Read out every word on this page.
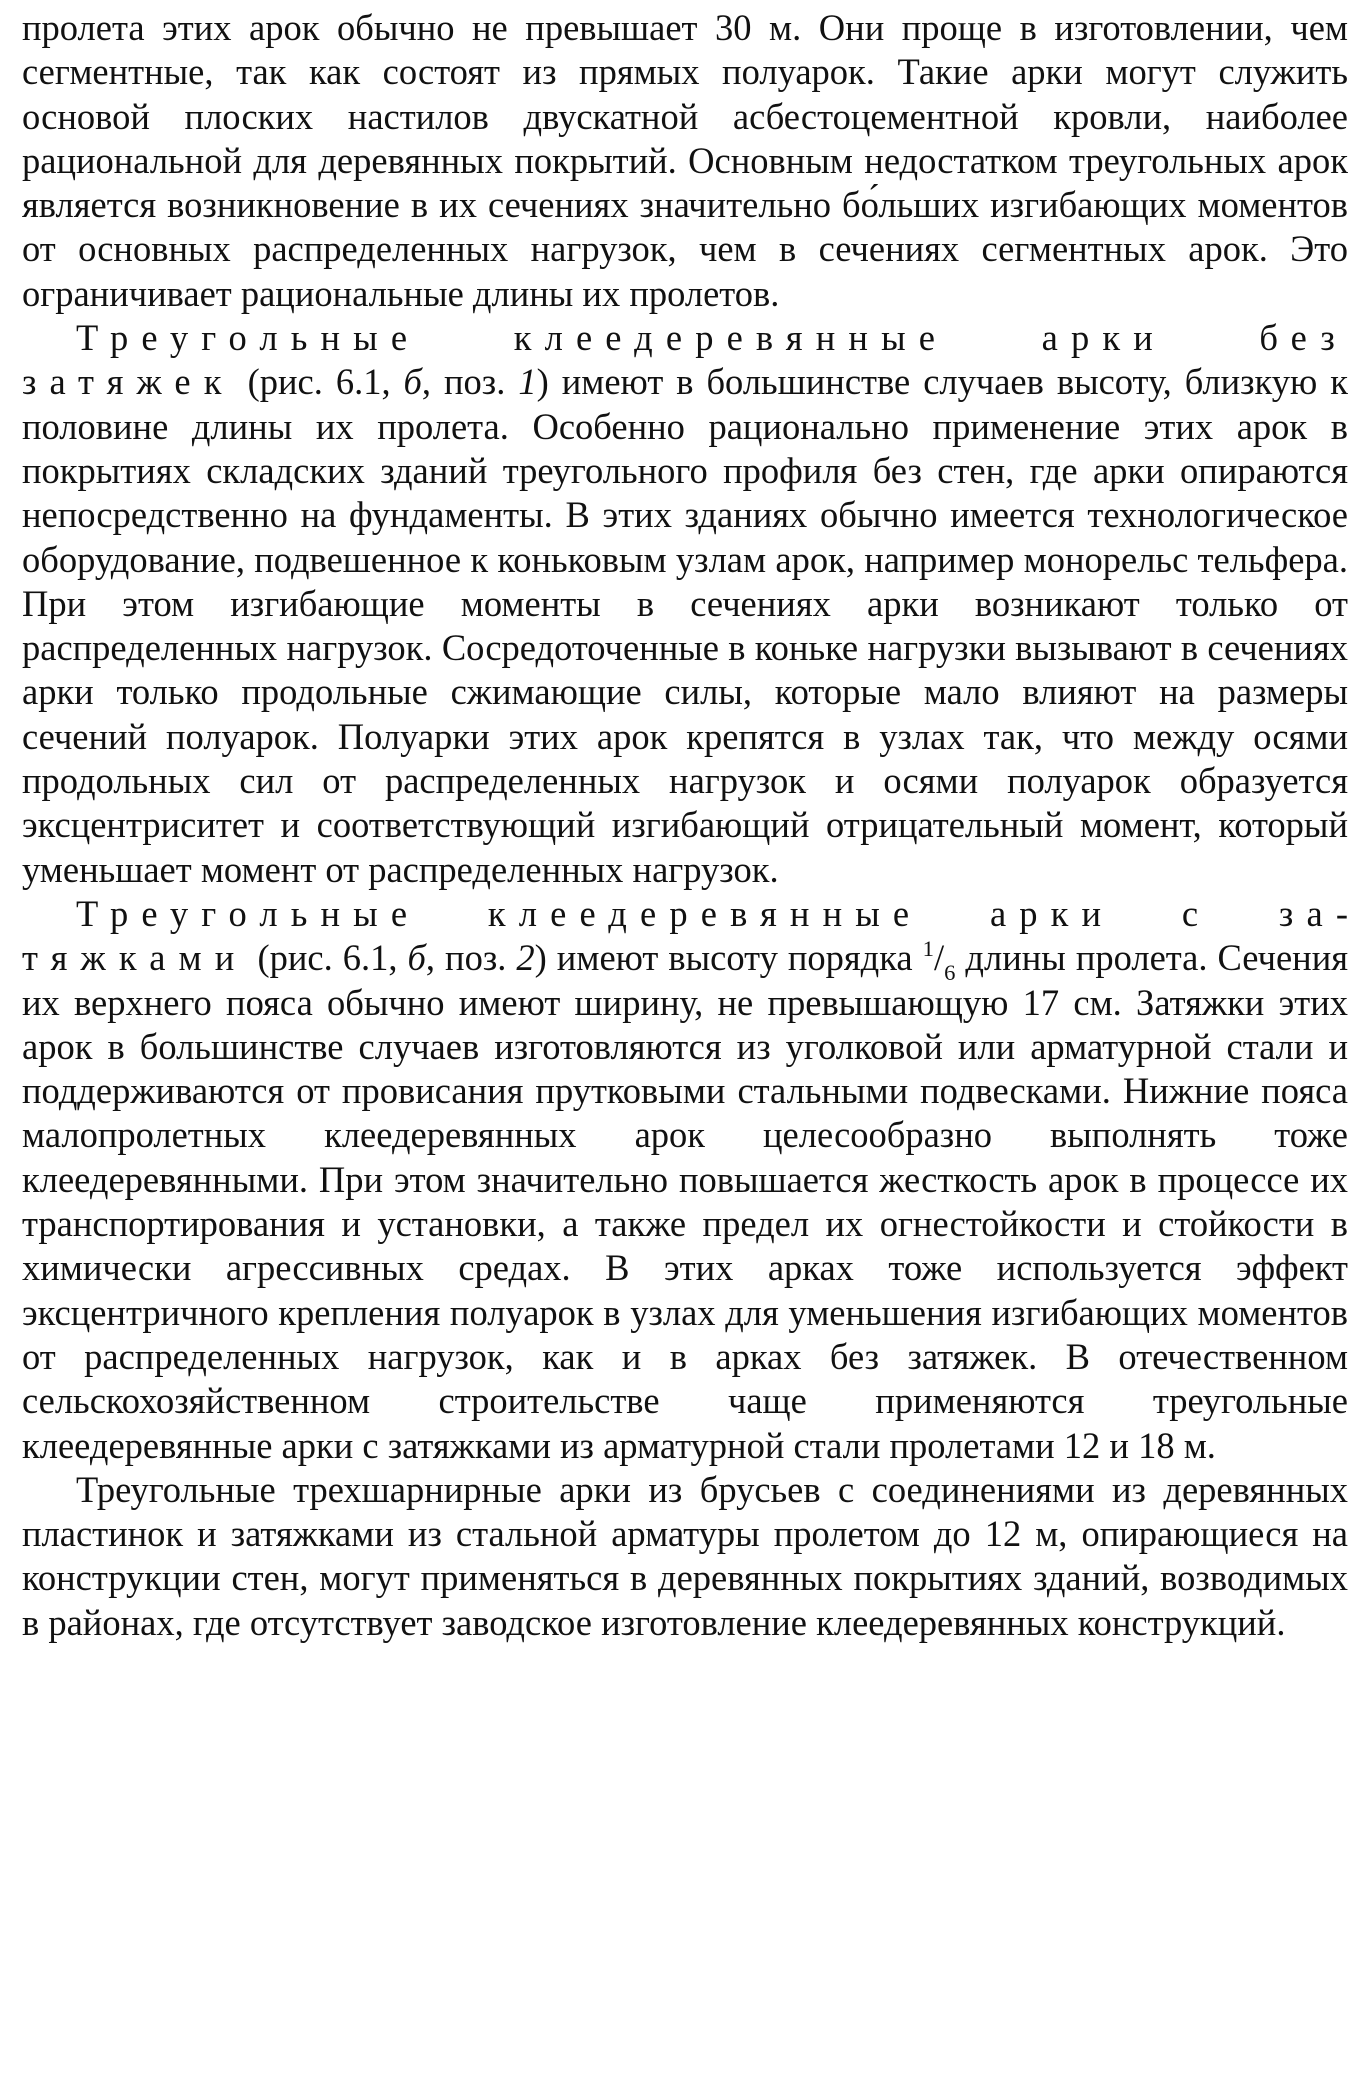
пролета этих арок обычно не превышает 30 м. Они проще в изготовлении, чем сегментные, так как состоят из прямых полуарок. Такие арки могут служить основой плоских настилов двускатной асбестоцементной кровли, наиболее рациональной для деревянных покрытий. Основным недостатком треугольных арок является возникновение в их сечениях значительно бо́льших изгибающих моментов от основных распределенных нагрузок, чем в сечениях сегментных арок. Это ограничивает рациональные длины их пролетов.

Треугольные клеедеревянные арки без затяжек (рис. 6.1, б, поз. 1) имеют в большинстве случаев высоту, близкую к половине длины их пролета. Особенно рационально применение этих арок в покрытиях складских зданий треугольного профиля без стен, где арки опираются непосредственно на фундаменты. В этих зданиях обычно имеется технологическое оборудование, подвешенное к коньковым узлам арок, например монорельс тельфера. При этом изгибающие моменты в сечениях арки возникают только от распределенных нагрузок. Сосредоточенные в коньке нагрузки вызывают в сечениях арки только продольные сжимающие силы, которые мало влияют на размеры сечений полуарок. Полуарки этих арок крепятся в узлах так, что между осями продольных сил от распределенных нагрузок и осями полуарок образуется эксцентриситет и соответствующий изгибающий отрицательный момент, который уменьшает момент от распределенных нагрузок.

Треугольные клеедеревянные арки с затяжками (рис. 6.1, б, поз. 2) имеют высоту порядка $^1/_6$ длины пролета. Сечения их верхнего пояса обычно имеют ширину, не превышающую 17 см. Затяжки этих арок в большинстве случаев изготовляются из уголковой или арматурной стали и поддерживаются от провисания прутковыми стальными подвесками. Нижние пояса малопролетных клеедеревянных арок целесообразно выполнять тоже клеедеревянными. При этом значительно повышается жесткость арок в процессе их транспортирования и установки, а также предел их огнестойкости и стойкости в химически агрессивных средах. В этих арках тоже используется эффект эксцентричного крепления полуарок в узлах для уменьшения изгибающих моментов от распределенных нагрузок, как и в арках без затяжек. В отечественном сельскохозяйственном строительстве чаще применяются треугольные клеедеревянные арки с затяжками из арматурной стали пролетами 12 и 18 м.

Треугольные трехшарнирные арки из брусьев с соединениями из деревянных пластинок и затяжками из стальной арматуры пролетом до 12 м, опирающиеся на конструкции стен, могут применяться в деревянных покрытиях зданий, возводимых в районах, где отсутствует заводское изготовление клеедеревянных конструкций.
